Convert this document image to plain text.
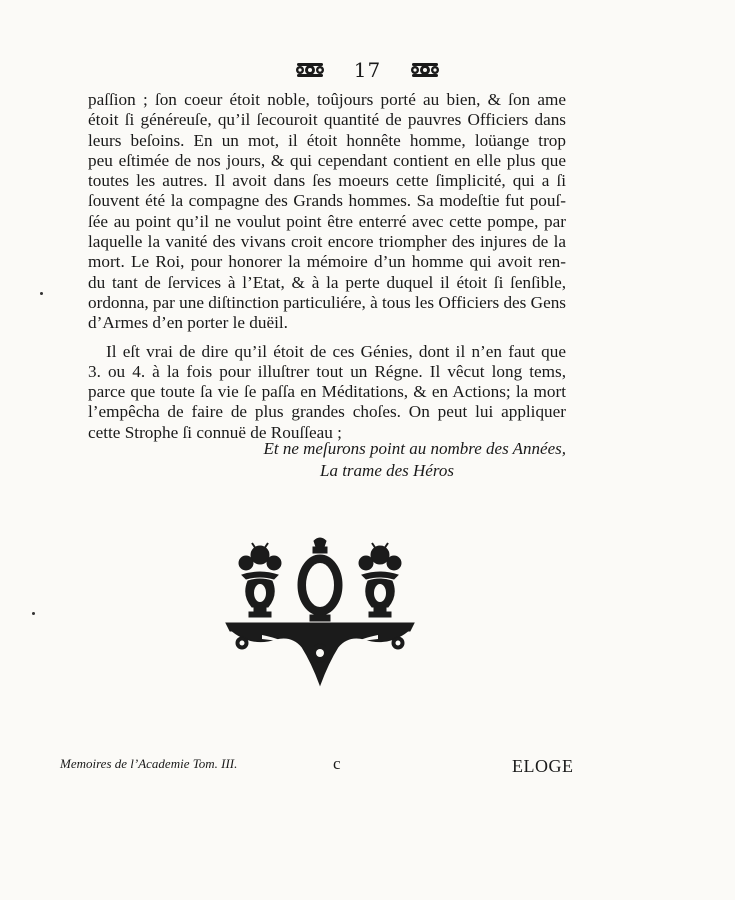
17
paſſion ; ſon coeur étoit noble, toûjours porté au bien, & ſon ame
étoit ſi généreuſe, qu’il ſecouroit quantité de pauvres Officiers dans
leurs beſoins. En un mot, il étoit honnête homme, loüange trop
peu eſtimée de nos jours, & qui cependant contient en elle plus que
toutes les autres. Il avoit dans ſes moeurs cette ſimplicité, qui a ſi
ſouvent été la compagne des Grands hommes. Sa modeſtie fut pouſ-
ſée au point qu’il ne voulut point être enterré avec cette pompe, par
laquelle la vanité des vivans croit encore triompher des injures de la
mort. Le Roi, pour honorer la mémoire d’un homme qui avoit ren-
du tant de ſervices à l’Etat, & à la perte duquel il étoit ſi ſenſible,
ordonna, par une diſtinction particuliére, à tous les Officiers des Gens
d’Armes d’en porter le duëil.
Il eſt vrai de dire qu’il étoit de ces Génies, dont il n’en faut que
3. ou 4. à la fois pour illuſtrer tout un Régne. Il vêcut long tems,
parce que toute ſa vie ſe paſſa en Méditations, & en Actions; la mort
l’empêcha de faire de plus grandes choſes. On peut lui appliquer
cette Strophe ſi connuë de Rouſſeau ;
Et ne meſurons point au nombre des Années,
La trame des Héros
Memoires de l’Academie Tom. III.	c	ELOGE
